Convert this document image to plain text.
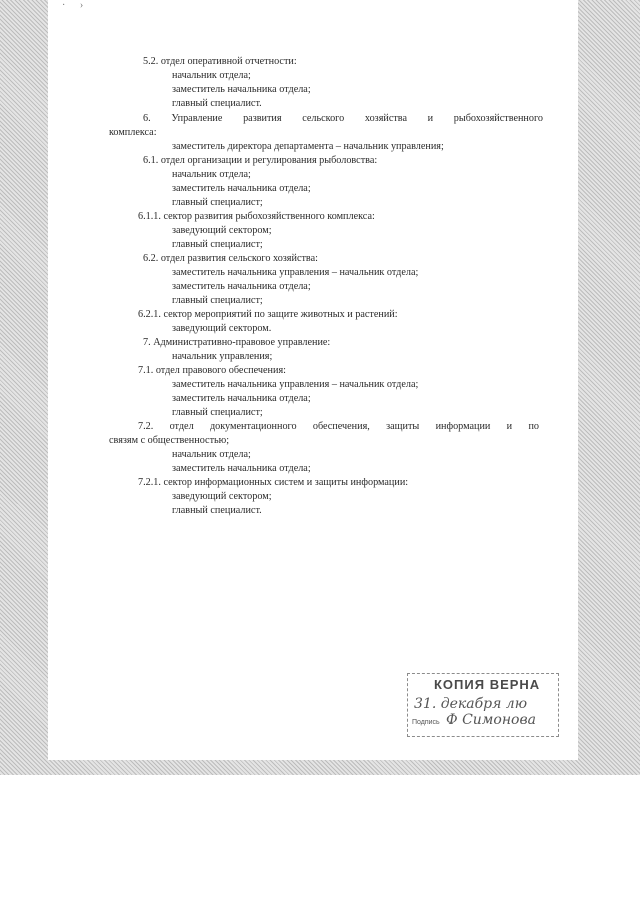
· ›
5.2. отдел оперативной отчетности:
начальник отдела;
заместитель начальника отдела;
главный специалист.
6. Управление развития сельского хозяйства и рыбохозяйственного
комплекса:
заместитель директора департамента – начальник управления;
6.1. отдел организации и регулирования рыболовства:
начальник отдела;
заместитель начальника отдела;
главный специалист;
6.1.1. сектор развития рыбохозяйственного комплекса:
заведующий сектором;
главный специалист;
6.2. отдел развития сельского хозяйства:
заместитель начальника управления – начальник отдела;
заместитель начальника отдела;
главный специалист;
6.2.1. сектор мероприятий по защите животных и растений:
заведующий сектором.
7. Административно-правовое управление:
начальник управления;
7.1. отдел правового обеспечения:
заместитель начальника управления – начальник отдела;
заместитель начальника отдела;
главный специалист;
7.2. отдел документационного обеспечения, защиты информации и по
связям с общественностью;
начальник отдела;
заместитель начальника отдела;
7.2.1. сектор информационных систем и защиты информации:
заведующий сектором;
главный специалист.
КОПИЯ ВЕРНА
31. декабря лю
Подпись Ф Симонова
